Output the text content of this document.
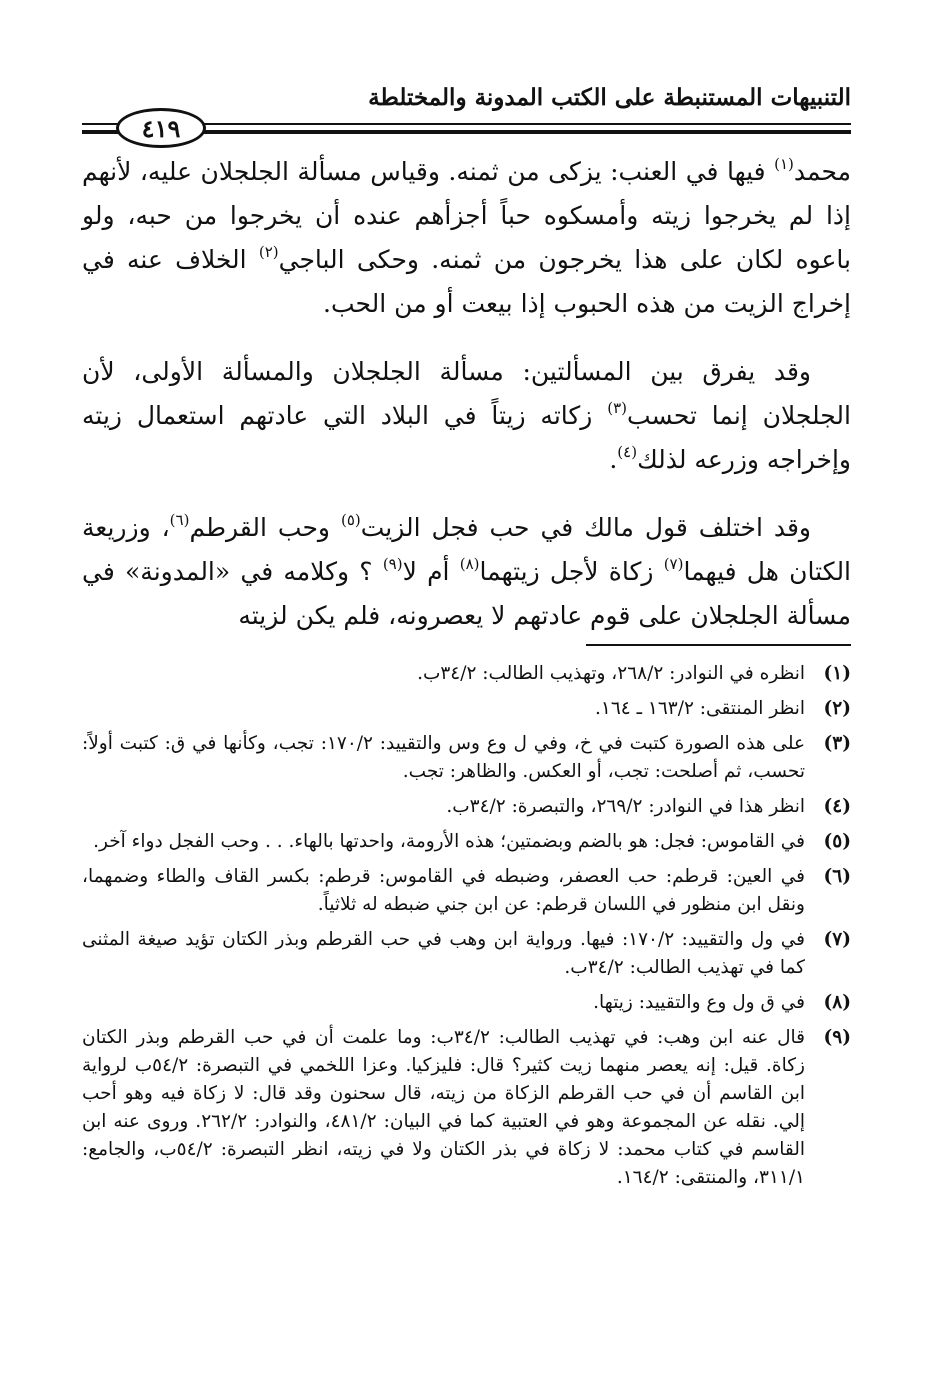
التنبيهات المستنبطة على الكتب المدونة والمختلطة
٤١٩

محمد$^{(١)}$ فيها في العنب: يزكى من ثمنه. وقياس مسألة الجلجلان عليه، لأنهم إذا لم يخرجوا زيته وأمسكوه حباً أجزأهم عنده أن يخرجوا من حبه، ولو باعوه لكان على هذا يخرجون من ثمنه. وحكى الباجي$^{(٢)}$ الخلاف عنه في إخراج الزيت من هذه الحبوب إذا بيعت أو من الحب.

وقد يفرق بين المسألتين: مسألة الجلجلان والمسألة الأولى، لأن الجلجلان إنما تحسب$^{(٣)}$ زكاته زيتاً في البلاد التي عادتهم استعمال زيته وإخراجه وزرعه لذلك$^{(٤)}$.

وقد اختلف قول مالك في حب فجل الزيت$^{(٥)}$ وحب القرطم$^{(٦)}$، وزريعة الكتان هل فيهما$^{(٧)}$ زكاة لأجل زيتهما$^{(٨)}$ أم لا$^{(٩)}$ ؟ وكلامه في «المدونة» في مسألة الجلجلان على قوم عادتهم لا يعصرونه، فلم يكن لزيته

(١)
انظره في النوادر: ٢٦٨/٢، وتهذيب الطالب: ٣٤/٢ب.
(٢)
انظر المنتقى: ١٦٣/٢ ـ ١٦٤.
(٣)
على هذه الصورة كتبت في خ، وفي ل وع وس والتقييد: ١٧٠/٢: تجب، وكأنها في ق: كتبت أولاً: تحسب، ثم أصلحت: تجب، أو العكس. والظاهر: تجب.
(٤)
انظر هذا في النوادر: ٢٦٩/٢، والتبصرة: ٣٤/٢ب.
(٥)
في القاموس: فجل: هو بالضم وبضمتين؛ هذه الأرومة، واحدتها بالهاء. . . وحب الفجل دواء آخر.
(٦)
في العين: قرطم: حب العصفر، وضبطه في القاموس: قرطم: بكسر القاف والطاء وضمهما، ونقل ابن منظور في اللسان قرطم: عن ابن جني ضبطه له ثلاثياً.
(٧)
في ول والتقييد: ١٧٠/٢: فيها. ورواية ابن وهب في حب القرطم وبذر الكتان تؤيد صيغة المثنى كما في تهذيب الطالب: ٣٤/٢ب.
(٨)
في ق ول وع والتقييد: زيتها.
(٩)
قال عنه ابن وهب: في تهذيب الطالب: ٣٤/٢ب: وما علمت أن في حب القرطم وبذر الكتان زكاة. قيل: إنه يعصر منهما زيت كثير؟ قال: فليزكيا. وعزا اللخمي في التبصرة: ٥٤/٢ب لرواية ابن القاسم أن في حب القرطم الزكاة من زيته، قال سحنون وقد قال: لا زكاة فيه وهو أحب إلي. نقله عن المجموعة وهو في العتبية كما في البيان: ٤٨١/٢، والنوادر: ٢٦٢/٢. وروى عنه ابن القاسم في كتاب محمد: لا زكاة في بذر الكتان ولا في زيته، انظر التبصرة: ٥٤/٢ب، والجامع: ٣١١/١، والمنتقى: ١٦٤/٢.
